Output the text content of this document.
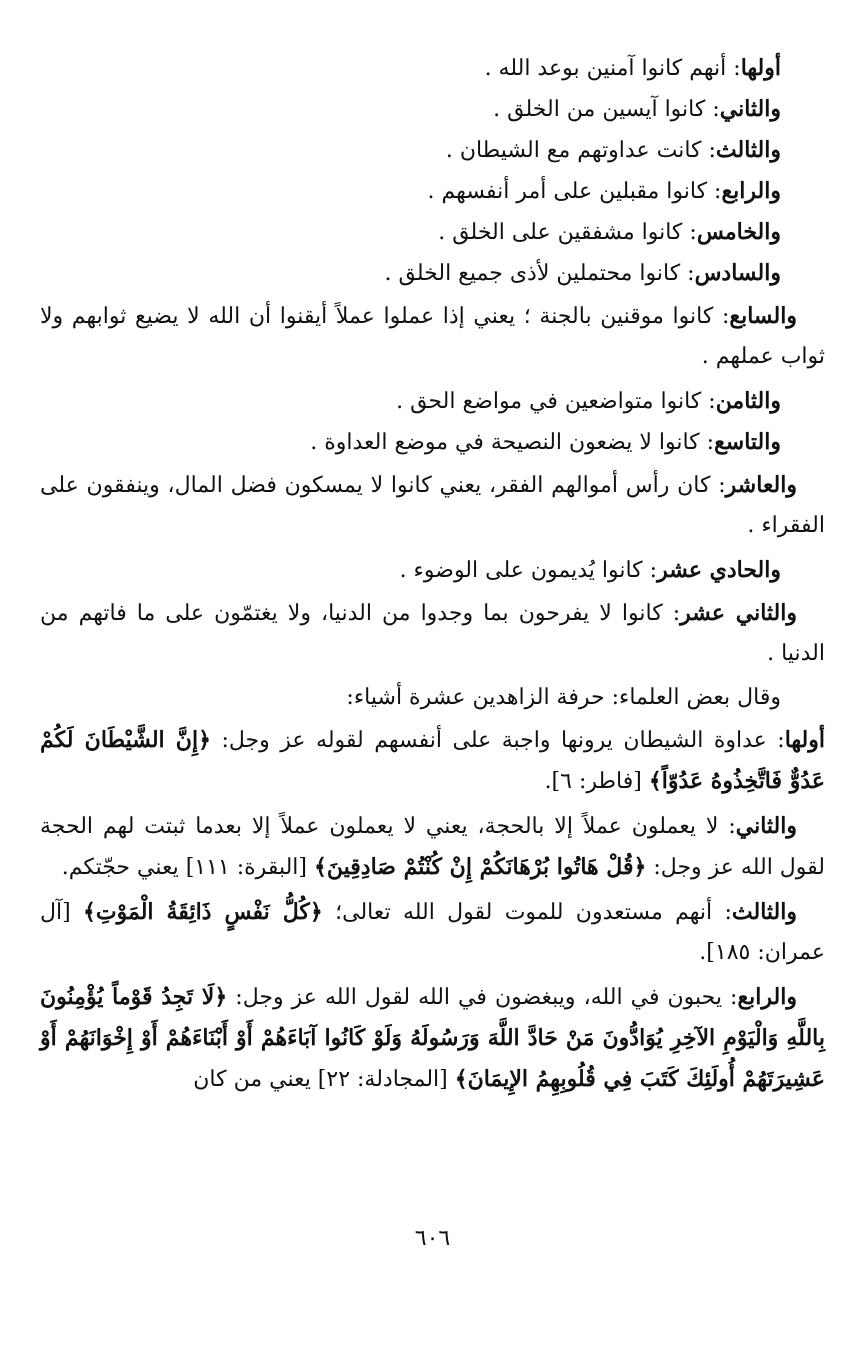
أولها: أنهم كانوا آمنين بوعد الله .
والثاني: كانوا آيسين من الخلق .
والثالث: كانت عداوتهم مع الشيطان .
والرابع: كانوا مقبلين على أمر أنفسهم .
والخامس: كانوا مشفقين على الخلق .
والسادس: كانوا محتملين لأذى جميع الخلق .
والسابع: كانوا موقنين بالجنة ؛ يعني إذا عملوا عملاً أيقنوا أن الله لا يضيع ثوابهم ولا ثواب عملهم .
والثامن: كانوا متواضعين في مواضع الحق .
والتاسع: كانوا لا يضعون النصيحة في موضع العداوة .
والعاشر: كان رأس أموالهم الفقر، يعني كانوا لا يمسكون فضل المال، وينفقون على الفقراء .
والحادي عشر: كانوا يُديمون على الوضوء .
والثاني عشر: كانوا لا يفرحون بما وجدوا من الدنيا، ولا يغتمّون على ما فاتهم من الدنيا .
وقال بعض العلماء: حرفة الزاهدين عشرة أشياء:
أولها: عداوة الشيطان يرونها واجبة على أنفسهم لقوله عز وجل: ﴿إِنَّ الشَّيْطَانَ لَكُمْ عَدُوٌّ فَاتَّخِذُوهُ عَدُوّاً﴾ [فاطر: ٦].
والثاني: لا يعملون عملاً إلا بالحجة، يعني لا يعملون عملاً إلا بعدما ثبتت لهم الحجة لقول الله عز وجل: ﴿قُلْ هَاتُوا بُرْهَانَكُمْ إِنْ كُنْتُمْ صَادِقِينَ﴾ [البقرة: ١١١] يعني حجّتكم.
والثالث: أنهم مستعدون للموت لقول الله تعالى؛ ﴿كُلُّ نَفْسٍ ذَائِقَةُ الْمَوْتِ﴾ [آل عمران: ١٨٥].
والرابع: يحبون في الله، ويبغضون في الله لقول الله عز وجل: ﴿لَا تَجِدُ قَوْماً يُؤْمِنُونَ بِاللَّهِ وَالْيَوْمِ الآخِرِ يُوَادُّونَ مَنْ حَادَّ اللَّهَ وَرَسُولَهُ وَلَوْ كَانُوا آبَاءَهُمْ أَوْ أَبْنَاءَهُمْ أَوْ إِخْوَانَهُمْ أَوْ عَشِيرَتَهُمْ أُولَئِكَ كَتَبَ فِي قُلُوبِهِمُ الإِيمَانَ﴾ [المجادلة: ٢٢] يعني من كان
٦٠٦
